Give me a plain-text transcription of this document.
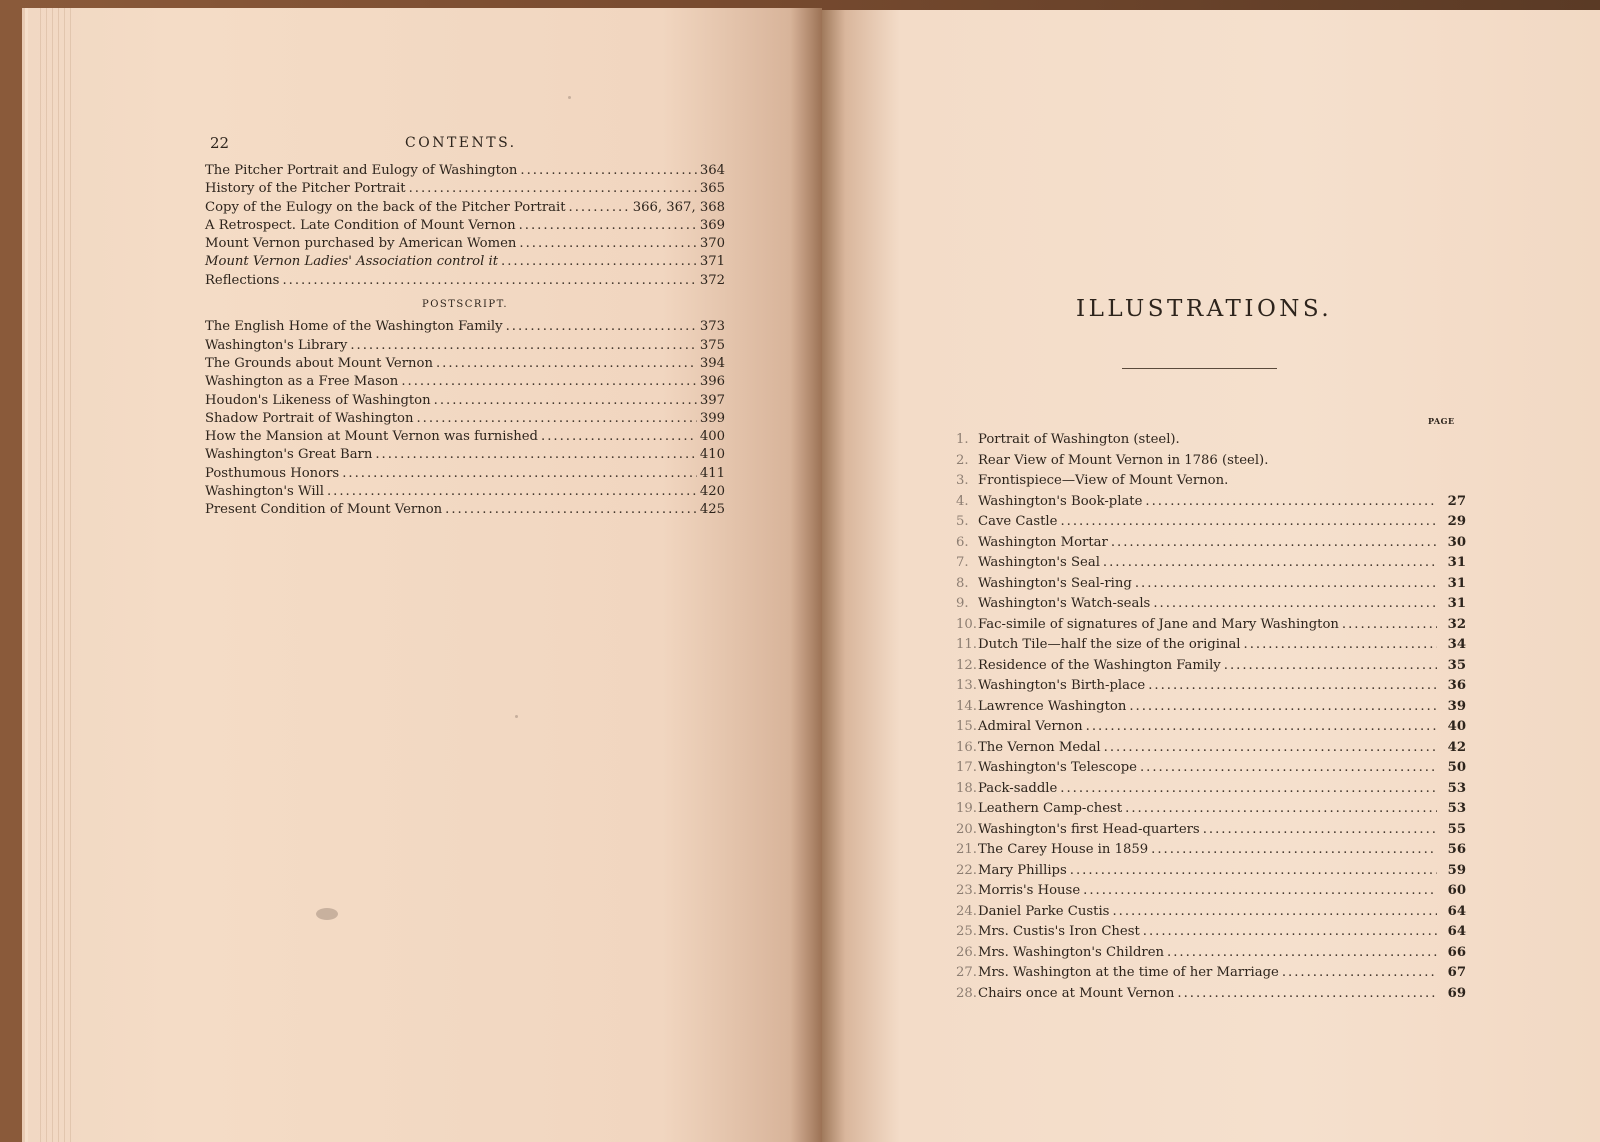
22	CONTENTS.
The Pitcher Portrait and Eulogy of Washington .....	364
History of the Pitcher Portrait .....	365
Copy of the Eulogy on the back of the Pitcher Portrait .....	366, 367, 368
A Retrospect. Late Condition of Mount Vernon .....	369
Mount Vernon purchased by American Women .....	370
Mount Vernon Ladies' Association control it .....	371
Reflections .....	372
POSTSCRIPT.
The English Home of the Washington Family .....	373
Washington's Library .....	375
The Grounds about Mount Vernon .....	394
Washington as a Free Mason .....	396
Houdon's Likeness of Washington .....	397
Shadow Portrait of Washington .....	399
How the Mansion at Mount Vernon was furnished .....	400
Washington's Great Barn .....	410
Posthumous Honors .....	411
Washington's Will .....	420
Present Condition of Mount Vernon .....	425
ILLUSTRATIONS.
PAGE
1. Portrait of Washington (steel).
2. Rear View of Mount Vernon in 1786 (steel).
3. Frontispiece—View of Mount Vernon.
4. Washington's Book-plate .....	27
5. Cave Castle .....	29
6. Washington Mortar .....	30
7. Washington's Seal .....	31
8. Washington's Seal-ring .....	31
9. Washington's Watch-seals .....	31
10. Fac-simile of signatures of Jane and Mary Washington .....	32
11. Dutch Tile—half the size of the original .....	34
12. Residence of the Washington Family .....	35
13. Washington's Birth-place .....	36
14. Lawrence Washington .....	39
15. Admiral Vernon .....	40
16. The Vernon Medal .....	42
17. Washington's Telescope .....	50
18. Pack-saddle .....	53
19. Leathern Camp-chest .....	53
20. Washington's first Head-quarters .....	55
21. The Carey House in 1859 .....	56
22. Mary Phillips .....	59
23. Morris's House .....	60
24. Daniel Parke Custis .....	64
25. Mrs. Custis's Iron Chest .....	64
26. Mrs. Washington's Children .....	66
27. Mrs. Washington at the time of her Marriage .....	67
28. Chairs once at Mount Vernon .....	69
